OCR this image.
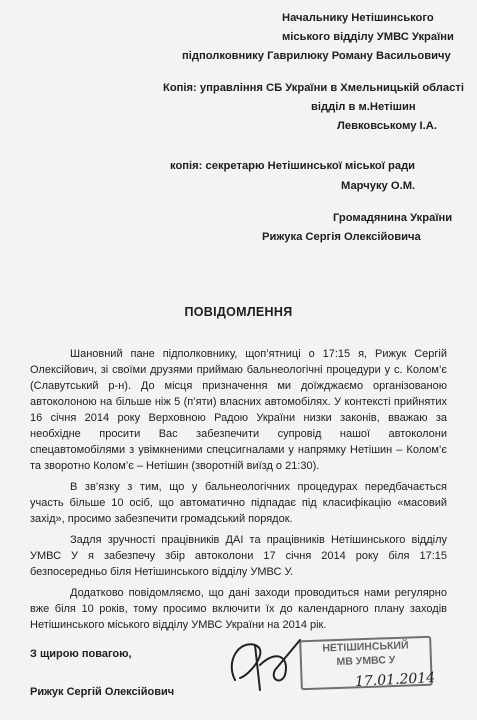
Начальнику Нетішинського
міського відділу УМВС України
підполковнику Гаврилюку Роману Васильовичу
Копія: управління СБ України в Хмельницькій області
відділ в м.Нетішин
Левковському І.А.
копія: секретарю Нетішинської міської ради
Марчуку О.М.
Громадянина України
Рижука Сергія Олексійовича
ПОВІДОМЛЕННЯ

Шановний пане підполковнику, щоп’ятниці о 17:15 я, Рижук Сергій Олексійович, зі своїми друзями приймаю бальнеологічні процедури у с. Колом’є (Славутський р-н). До місця призначення ми доїжджаємо організованою автоколоною на більше ніж 5 (п’яти) власних автомобілях. У контексті прийнятих 16 січня 2014 року Верховною Радою України низки законів, вважаю за необхідне просити Вас забезпечити супровід нашої автоколони спецавтомобілями з увімкненими спецсигналами у напрямку Нетішин – Колом’є та зворотно Колом’є – Нетішин (зворотній виїзд о 21:30).

В зв’язку з тим, що у бальнеологічних процедурах передбачається участь більше 10 осіб, що автоматично підпадає під класифікацію «масовий захід», просимо забезпечити громадський порядок.

Задля зручності працівників ДАІ та працівників Нетішинського відділу УМВС У я забезпечу збір автоколони 17 січня 2014 року біля 17:15 безпосередньо біля Нетішинського відділу УМВС У.

Додатково повідомляємо, що дані заходи проводиться нами регулярно вже біля 10 років, тому просимо включити їх до календарного плану заходів Нетішинського міського відділу УМВС України на 2014 рік.

З щирою повагою,
Рижук Сергій Олексійович
НЕТІШИНСЬКИЙ
МВ УМВС У
17.01.2014
